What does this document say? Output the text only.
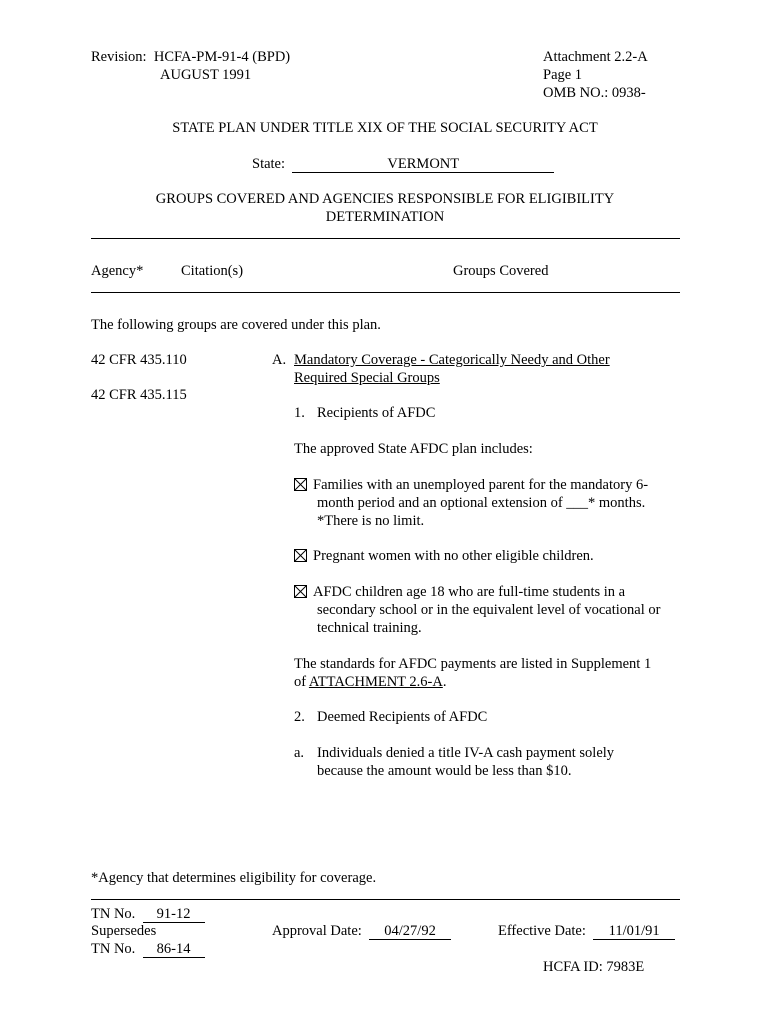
Revision: HCFA-PM-91-4 (BPD)
AUGUST 1991
Attachment 2.2-A
Page 1
OMB NO.: 0938-
STATE PLAN UNDER TITLE XIX OF THE SOCIAL SECURITY ACT
State:	VERMONT
GROUPS COVERED AND AGENCIES RESPONSIBLE FOR ELIGIBILITY
DETERMINATION
Agency*	Citation(s)	Groups Covered
The following groups are covered under this plan.
42 CFR 435.110
42 CFR 435.115
A. Mandatory Coverage - Categorically Needy and Other
Required Special Groups
1. Recipients of AFDC
The approved State AFDC plan includes:
Families with an unemployed parent for the mandatory 6-
month period and an optional extension of ___* months.
*There is no limit.
Pregnant women with no other eligible children.
AFDC children age 18 who are full-time students in a
secondary school or in the equivalent level of vocational or
technical training.
The standards for AFDC payments are listed in Supplement 1
of ATTACHMENT 2.6-A.
2. Deemed Recipients of AFDC
a. Individuals denied a title IV-A cash payment solely
because the amount would be less than $10.
*Agency that determines eligibility for coverage.
TN No. 91-12
Supersedes
TN No. 86-14
Approval Date: 04/27/92	Effective Date: 11/01/91
HCFA ID: 7983E
